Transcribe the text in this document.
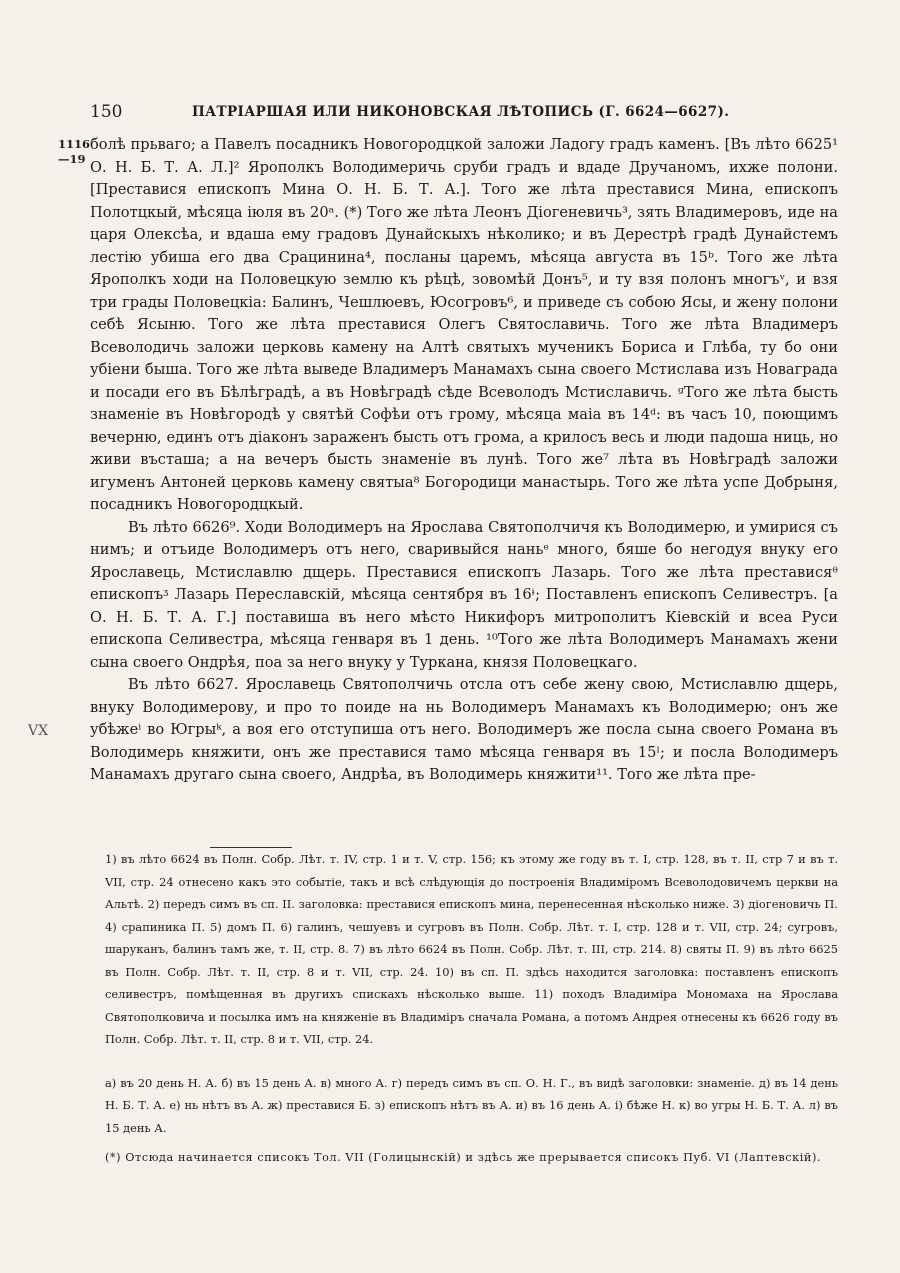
150	ПАТРІАРШАЯ ИЛИ НИКОНОВСКАЯ ЛѢТОПИСЬ (Г. 6624—6627).
1116 —19
VX

болѣ прьваго; а Павелъ посадникъ Новогородцкой заложи Ладогу градъ каменъ. [Въ лѣто 6625¹ О. Н. Б. Т. А. Л.]² Ярополкъ Володимеричь сруби градъ и вдаде Дручаномъ, ихже полони. [Преставися епископъ Мина О. Н. Б. Т. А.]. Того же лѣта преставися Мина, епископъ Полотцкый, мѣсяца іюля въ 20ᵃ. (*) Того же лѣта Леонъ Діогеневичь³, зять Владимеровъ, иде на царя Олексѣа, и вдаша ему градовъ Дунайскыхъ нѣколико; и въ Дерестрѣ градѣ Дунайстемъ лестію убиша его два Срацинина⁴, посланы царемъ, мѣсяца августа въ 15ᵇ. Того же лѣта Ярополкъ ходи на Половецкую землю къ рѣцѣ, зовомѣй Донъ⁵, и ту взя полонъ многъᵛ, и взя три грады Половецкіа: Балинъ, Чешлюевъ, Юсогровъ⁶, и приведе съ собою Ясы, и жену полони себѣ Ясыню. Того же лѣта преставися Олегъ Святославичь. Того же лѣта Владимеръ Всеволодичь заложи церковь камену на Алтѣ святыхъ мученикъ Бориса и Глѣба, ту бо они убіени быша. Того же лѣта выведе Владимеръ Манамахъ сына своего Мстислава изъ Новаграда и посади его въ Бѣлѣградѣ, а въ Новѣградѣ сѣде Всеволодъ Мстиславичь. ᵍТого же лѣта бысть знаменіе въ Новѣгородѣ у святѣй Софѣи отъ грому, мѣсяца маіа въ 14ᵈ: въ часъ 10, поющимъ вечерню, единъ отъ діаконъ зараженъ бысть отъ грома, а крилосъ весь и люди падоша ниць, но живи въсташа; а на вечеръ бысть знаменіе въ лунѣ. Того же⁷ лѣта въ Новѣградѣ заложи игуменъ Антоней церковь камену святыа⁸ Богородици манастырь. Того же лѣта успе Добрыня, посадникъ Новогородцкый.

Въ лѣто 6626⁹. Ходи Володимеръ на Ярослава Святополчичя къ Володимерю, и умирися съ нимъ; и отъиде Володимеръ отъ него, сваривыйся наньᵉ много, бяше бо негодуя внуку его Ярославець, Мстиславлю дщерь. Преставися епископъ Лазарь. Того же лѣта престависяᶿ епископъᶾ Лазарь Переславскій, мѣсяца сентября въ 16ᶤ; Поставленъ епископъ Селивестръ. [а О. Н. Б. Т. А. Г.] поставиша въ него мѣсто Никифоръ митрополитъ Кіевскій и всеа Руси епископа Селивестра, мѣсяца генваря въ 1 день. ¹⁰Того же лѣта Володимеръ Манамахъ жени сына своего Ондрѣя, поа за него внуку у Туркана, князя Половецкаго.

Въ лѣто 6627. Ярославець Святополчичь отсла отъ себе жену свою, Мстиславлю дщерь, внуку Володимерову, и про то поиде на нь Володимеръ Манамахъ къ Володимерю; онъ же убѣжеⁱ во Югрыᵏ, а воя его отступиша отъ него. Володимеръ же посла сына своего Романа въ Володимерь княжити, онъ же преставися тамо мѣсяца генваря въ 15ˡ; и посла Володимеръ Манамахъ другаго сына своего, Андрѣа, въ Володимерь княжити¹¹. Того же лѣта пре-

1) въ лѣто 6624 въ Полн. Собр. Лѣт. т. IV, стр. 1 и т. V, стр. 156; къ этому же году въ т. I, стр. 128, въ т. II, стр 7 и въ т. VII, стр. 24 отнесено какъ это событіе, такъ и всѣ слѣдующія до построенія Владиміромъ Всеволодовичемъ церкви на Альтѣ. 2) передъ симъ въ сп. II. заголовка: преставися епископъ мина, перенесенная нѣсколько ниже. 3) діогеновичь П. 4) срапиника П. 5) домъ П. 6) галинъ, чешуевъ и сугровъ въ Полн. Собр. Лѣт. т. I, стр. 128 и т. VII, стр. 24; сугровъ, шаруканъ, балинъ тамъ же, т. II, стр. 8. 7) въ лѣто 6624 въ Полн. Собр. Лѣт. т. III, стр. 214. 8) святы П. 9) въ лѣто 6625 въ Полн. Собр. Лѣт. т. II, стр. 8 и т. VII, стр. 24. 10) въ сп. П. здѣсь находится заголовка: поставленъ епископъ селивестръ, помѣщенная въ другихъ спискахъ нѣсколько выше. 11) походъ Владиміра Мономаха на Ярослава Святополковича и посылка имъ на княженіе въ Владиміръ сначала Романа, а потомъ Андрея отнесены къ 6626 году въ Полн. Собр. Лѣт. т. II, стр. 8 и т. VII, стр. 24.

а) въ 20 день Н. А. б) въ 15 день А. в) много А. г) передъ симъ въ сп. О. Н. Г., въ видѣ заголовки: знаменіе. д) въ 14 день Н. Б. Т. А. е) нь нѣтъ въ А. ж) преставися Б. з) епископъ нѣтъ въ А. и) въ 16 день А. і) бѣже Н. к) во угры Н. Б. Т. А. л) въ 15 день А.

(*) Отсюда начинается списокъ Тол. VII (Голицынскій) и здѣсь же прерывается списокъ Пуб. VI (Лаптевскій).
